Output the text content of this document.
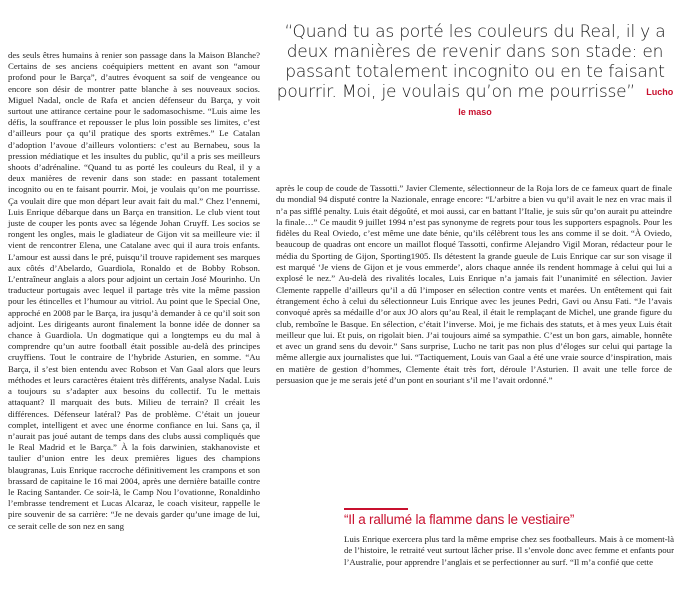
des seuls êtres humains à renier son passage dans la Maison Blanche? Certains de ses anciens coéquipiers mettent en avant son “amour profond pour le Barça”, d’autres évoquent sa soif de vengeance ou encore son désir de montrer patte blanche à ses nouveaux socios. Miguel Nadal, oncle de Rafa et ancien défenseur du Barça, y voit surtout une attirance certaine pour le sadomasochisme. “Luis aime les défis, la souffrance et repousser le plus loin possible ses limites, c’est d’ailleurs pour ça qu’il pratique des sports extrêmes.” Le Catalan d’adoption l’avoue d’ailleurs volontiers: c’est au Bernabeu, sous la pression médiatique et les insultes du public, qu’il a pris ses meilleurs shoots d’adrénaline. “Quand tu as porté les couleurs du Real, il y a deux manières de revenir dans son stade: en passant totalement incognito ou en te faisant pourrir. Moi, je voulais qu’on me pourrisse. Ça voulait dire que mon départ leur avait fait du mal.” Chez l’ennemi, Luis Enrique débarque dans un Barça en transition. Le club vient tout juste de couper les ponts avec sa légende Johan Cruyff. Les socios se rongent les ongles, mais le gladiateur de Gijon vit sa meilleure vie: il vient de rencontrer Elena, une Catalane avec qui il aura trois enfants. L’amour est aussi dans le pré, puisqu’il trouve rapidement ses marques aux côtés d’Abelardo, Guardiola, Ronaldo et de Bobby Robson. L’entraîneur anglais a alors pour adjoint un certain José Mourinho. Un traducteur portugais avec lequel il partage très vite la même passion pour les étincelles et l’humour au vitriol. Au point que le Special One, approché en 2008 par le Barça, ira jusqu’à demander à ce qu’il soit son adjoint. Les dirigeants auront finalement la bonne idée de donner sa chance à Guardiola. Un dogmatique qui a longtemps eu du mal à comprendre qu’un autre football était possible au-delà des principes cruyffiens. Tout le contraire de l’hybride Asturien, en somme. “Au Barça, il s’est bien entendu avec Robson et Van Gaal alors que leurs méthodes et leurs caractères étaient très différents, analyse Nadal. Luis a toujours su s’adapter aux besoins du collectif. Tu le mettais attaquant? Il marquait des buts. Milieu de terrain? Il créait les différences. Défenseur latéral? Pas de problème. C’était un joueur complet, intelligent et avec une énorme confiance en lui. Sans ça, il n’aurait pas joué autant de temps dans des clubs aussi compliqués que le Real Madrid et le Barça.” À la fois darwinien, stakhanoviste et taulier d’union entre les deux premières ligues des champions blaugranas, Luis Enrique raccroche définitivement les crampons et son brassard de capitaine le 16 mai 2004, après une dernière bataille contre le Racing Santander. Ce soir-là, le Camp Nou l’ovationne, Ronaldinho l’embrasse tendrement et Lucas Alcaraz, le coach visiteur, rappelle le pire souvenir de sa carrière: “Je ne devais garder qu’une image de lui, ce serait celle de son nez en sang

“Quand tu as porté les couleurs du Real, il y a deux manières de revenir dans son stade: en passant totalement incognito ou en te faisant pourrir. Moi, je voulais qu’on me pourrisse” Lucho le maso

après le coup de coude de Tassotti.” Javier Clemente, sélectionneur de la Roja lors de ce fameux quart de finale du mondial 94 disputé contre la Nazionale, enrage encore: “L’arbitre a bien vu qu’il avait le nez en vrac mais il n’a pas sifflé penalty. Luis était dégoûté, et moi aussi, car en battant l’Italie, je suis sûr qu’on aurait pu atteindre la finale…” Ce maudit 9 juillet 1994 n’est pas synonyme de regrets pour tous les supporters espagnols. Pour les fidèles du Real Oviedo, c’est même une date bénie, qu’ils célèbrent tous les ans comme il se doit. “À Oviedo, beaucoup de quadras ont encore un maillot floqué Tassotti, confirme Alejandro Vigil Moran, rédacteur pour le média du Sporting de Gijon, Sporting1905. Ils détestent la grande gueule de Luis Enrique car sur son visage il est marqué ‘Je viens de Gijon et je vous emmerde’, alors chaque année ils rendent hommage à celui qui lui a explosé le nez.” Au-delà des rivalités locales, Luis Enrique n’a jamais fait l’unanimité en sélection. Javier Clemente rappelle d’ailleurs qu’il a dû l’imposer en sélection contre vents et marées. Un entêtement qui fait étrangement écho à celui du sélectionneur Luis Enrique avec les jeunes Pedri, Gavi ou Ansu Fati. “Je l’avais convoqué après sa médaille d’or aux JO alors qu’au Real, il était le remplaçant de Michel, une grande figure du club, remboîne le Basque. En sélection, c’était l’inverse. Moi, je me fichais des statuts, et à mes yeux Luis était meilleur que lui. Et puis, on rigolait bien. J’ai toujours aimé sa sympathie. C’est un bon gars, aimable, honnête et avec un grand sens du devoir.” Sans surprise, Lucho ne tarit pas non plus d’éloges sur celui qui partage la même allergie aux journalistes que lui. “Tactiquement, Louis van Gaal a été une vraie source d’inspiration, mais en matière de gestion d’hommes, Clemente était très fort, déroule l’Asturien. Il avait une telle force de persuasion que je me serais jeté d’un pont en souriant s’il me l’avait ordonné.”

“Il a rallumé la flamme dans le vestiaire”

Luis Enrique exercera plus tard la même emprise chez ses footballeurs. Mais à ce moment-là de l’histoire, le retraité veut surtout lâcher prise. Il s’envole donc avec femme et enfants pour l’Australie, pour apprendre l’anglais et se perfectionner au surf. “Il m’a confié que cette
